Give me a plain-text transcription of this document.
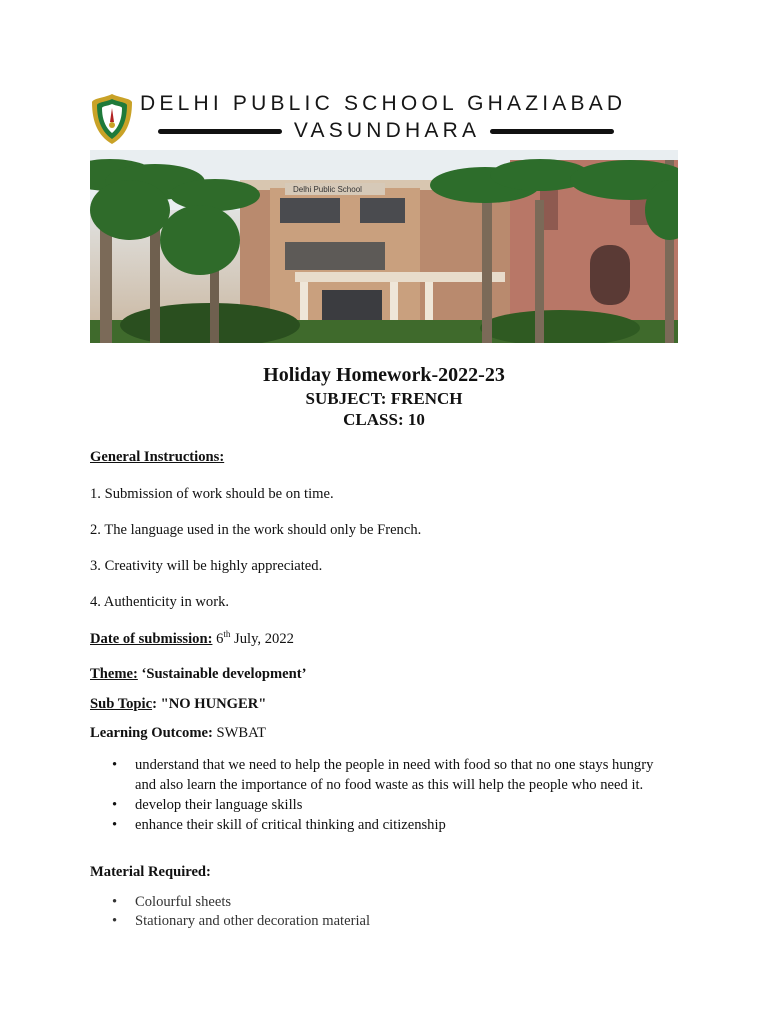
DELHI PUBLIC SCHOOL GHAZIABAD
VASUNDHARA
Delhi Public School
Holiday Homework-2022-23
SUBJECT: FRENCH
CLASS: 10
General Instructions:
1. Submission of work should be on time.
2. The language used in the work should only be French.
3. Creativity will be highly appreciated.
4. Authenticity in work.
Date of submission: 6th July, 2022
Theme: ‘Sustainable development’
Sub Topic: "NO HUNGER"
Learning Outcome: SWBAT
• understand that we need to help the people in need with food so that no one stays hungry
and also learn the importance of no food waste as this will help the people who need it.
• develop their language skills
• enhance their skill of critical thinking and citizenship
Material Required:
• Colourful sheets
• Stationary and other decoration material
